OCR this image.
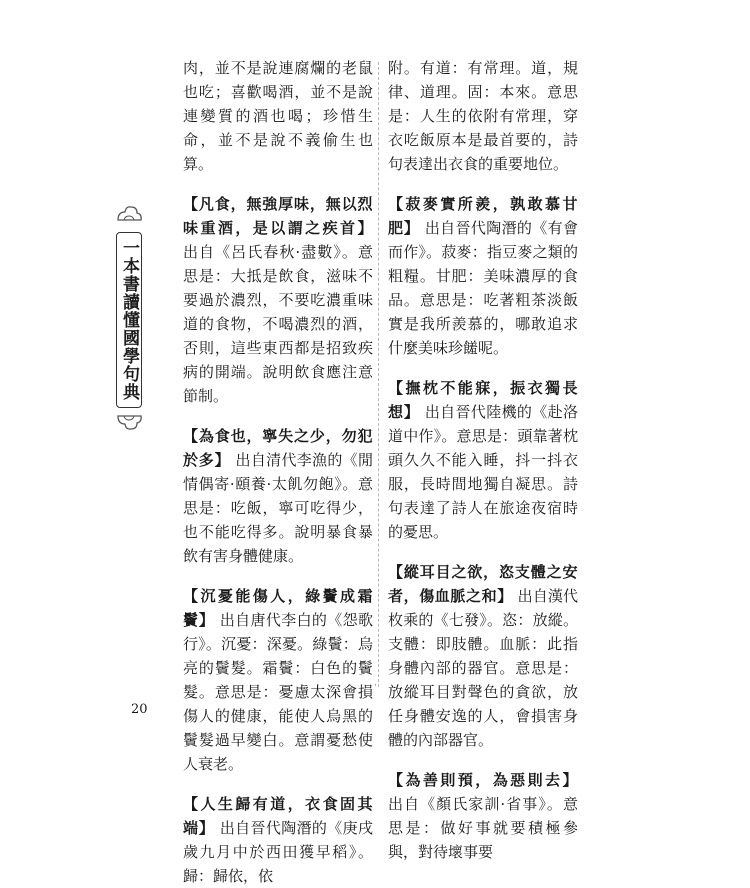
一本書讀懂國學句典

肉，並不是說連腐爛的老鼠也吃；喜歡喝酒，並不是說連變質的酒也喝；珍惜生命，並不是說不義偷生也算。

【凡食，無強厚味，無以烈味重酒，是以謂之疾首】 出自《呂氏春秋·盡數》。意思是：大抵是飲食，滋味不要過於濃烈，不要吃濃重味道的食物，不喝濃烈的酒，否則，這些東西都是招致疾病的開端。說明飲食應注意節制。
【為食也，寧失之少，勿犯於多】 出自清代李漁的《閒情偶寄·頤養·太飢勿飽》。意思是：吃飯，寧可吃得少，也不能吃得多。說明暴食暴飲有害身體健康。
【沉憂能傷人，綠鬢成霜鬢】 出自唐代李白的《怨歌行》。沉憂：深憂。綠鬢：烏亮的鬢髮。霜鬢：白色的鬢髮。意思是：憂慮太深會損傷人的健康，能使人烏黑的鬢髮過早變白。意謂憂愁使人衰老。
【人生歸有道，衣食固其端】 出自晉代陶潛的《庚戌歲九月中於西田獲早稻》。歸：歸依，依

附。有道：有常理。道，規律、道理。固：本來。意思是：人生的依附有常理，穿衣吃飯原本是最首要的，詩句表達出衣食的重要地位。

【菽麥實所羨，孰敢慕甘肥】 出自晉代陶潛的《有會而作》。菽麥：指豆麥之類的粗糧。甘肥：美味濃厚的食品。意思是：吃著粗茶淡飯實是我所羨慕的，哪敢追求什麼美味珍饈呢。
【撫枕不能寐，振衣獨長想】 出自晉代陸機的《赴洛道中作》。意思是：頭靠著枕頭久久不能入睡，抖一抖衣服，長時間地獨自凝思。詩句表達了詩人在旅途夜宿時的憂思。
【縱耳目之欲，恣支體之安者，傷血脈之和】 出自漢代枚乘的《七發》。恣：放縱。支體：即肢體。血脈：此指身體內部的器官。意思是：放縱耳目對聲色的貪欲，放任身體安逸的人，會損害身體的內部器官。
【為善則預，為惡則去】 出自《顏氏家訓·省事》。意思是：做好事就要積極參與，對待壞事要
·
20
